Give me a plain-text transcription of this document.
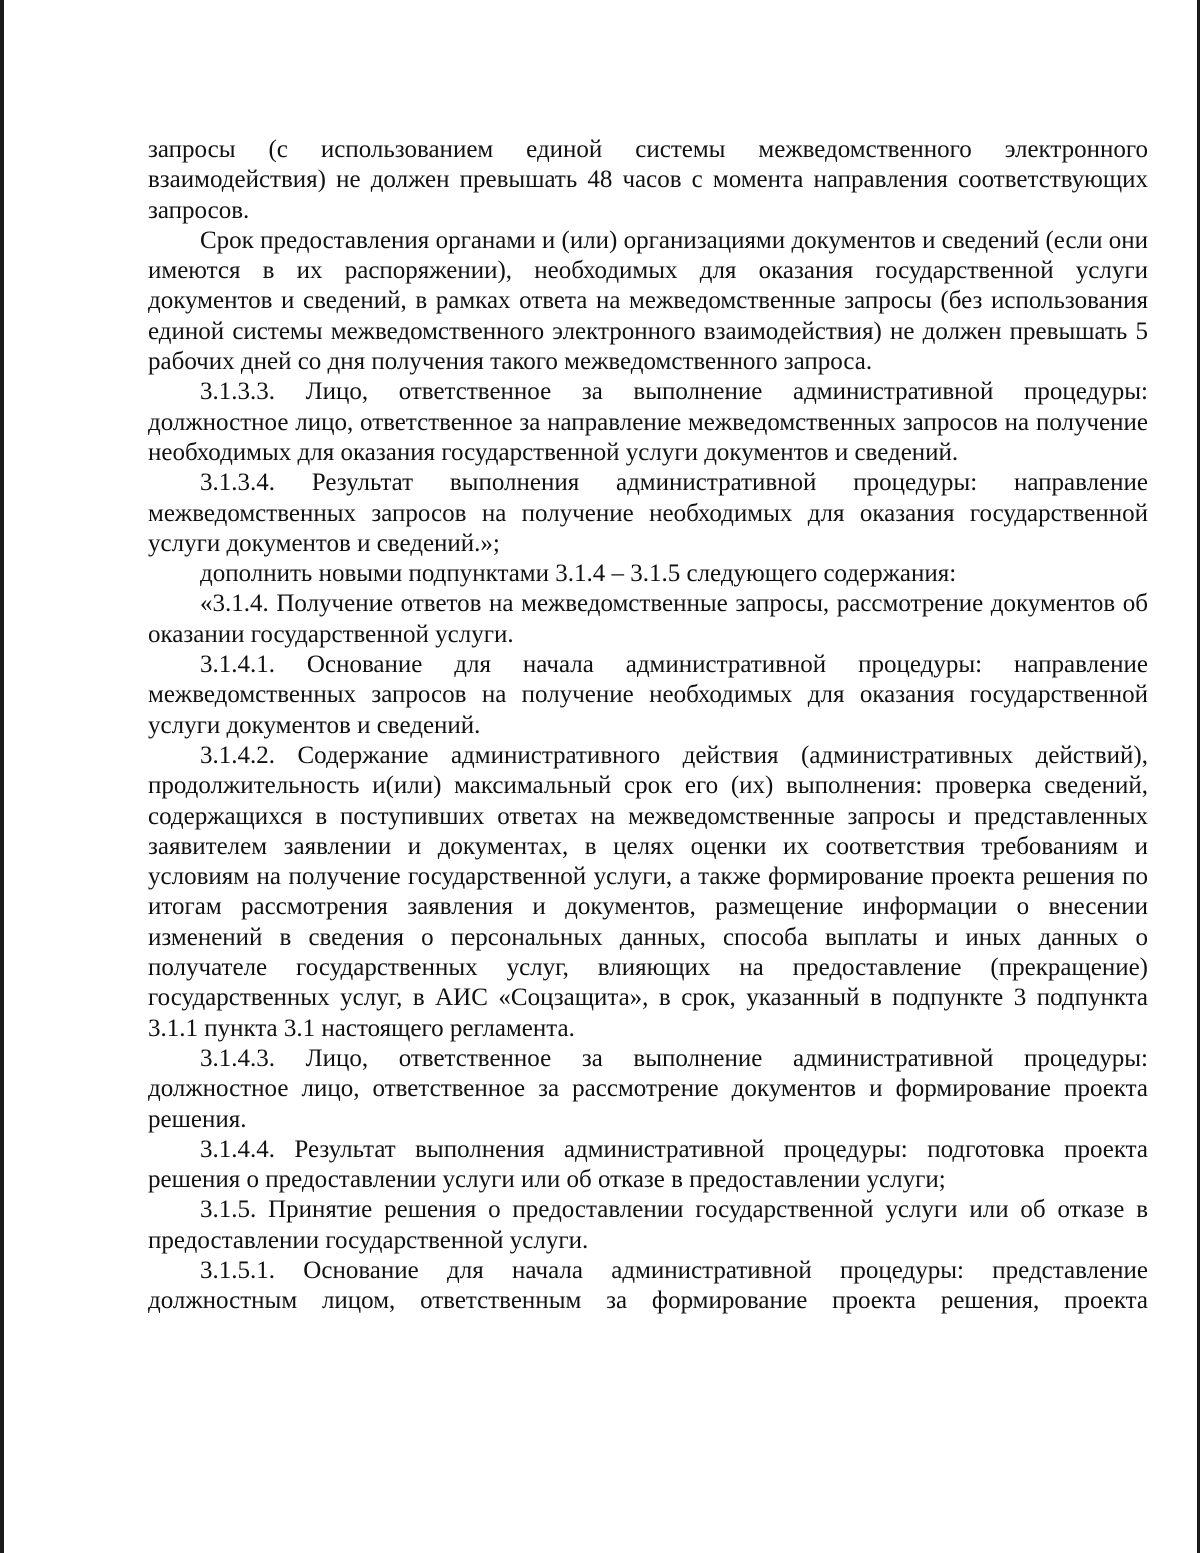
запросы (с использованием единой системы межведомственного электронного взаимодействия) не должен превышать 48 часов с момента направления соответствующих запросов.

Срок предоставления органами и (или) организациями документов и сведений (если они имеются в их распоряжении), необходимых для оказания государственной услуги документов и сведений, в рамках ответа на межведомственные запросы (без использования единой системы межведомственного электронного взаимодействия) не должен превышать 5 рабочих дней со дня получения такого межведомственного запроса.

3.1.3.3. Лицо, ответственное за выполнение административной процедуры: должностное лицо, ответственное за направление межведомственных запросов на получение необходимых для оказания государственной услуги документов и сведений.

3.1.3.4. Результат выполнения административной процедуры: направление межведомственных запросов на получение необходимых для оказания государственной услуги документов и сведений.»;

дополнить новыми подпунктами 3.1.4 – 3.1.5 следующего содержания:

«3.1.4. Получение ответов на межведомственные запросы, рассмотрение документов об оказании государственной услуги.

3.1.4.1. Основание для начала административной процедуры: направление межведомственных запросов на получение необходимых для оказания государственной услуги документов и сведений.

3.1.4.2. Содержание административного действия (административных действий), продолжительность и(или) максимальный срок его (их) выполнения: проверка сведений, содержащихся в поступивших ответах на межведомственные запросы и представленных заявителем заявлении и документах, в целях оценки их соответствия требованиям и условиям на получение государственной услуги, а также формирование проекта решения по итогам рассмотрения заявления и документов, размещение информации о внесении изменений в сведения о персональных данных, способа выплаты и иных данных о получателе государственных услуг, влияющих на предоставление (прекращение) государственных услуг, в АИС «Соцзащита», в срок, указанный в подпункте 3 подпункта 3.1.1 пункта 3.1 настоящего регламента.

3.1.4.3. Лицо, ответственное за выполнение административной процедуры: должностное лицо, ответственное за рассмотрение документов и формирование проекта решения.

3.1.4.4. Результат выполнения административной процедуры: подготовка проекта решения о предоставлении услуги или об отказе в предоставлении услуги;

3.1.5. Принятие решения о предоставлении государственной услуги или об отказе в предоставлении государственной услуги.

3.1.5.1. Основание для начала административной процедуры: представление должностным лицом, ответственным за формирование проекта решения, проекта
